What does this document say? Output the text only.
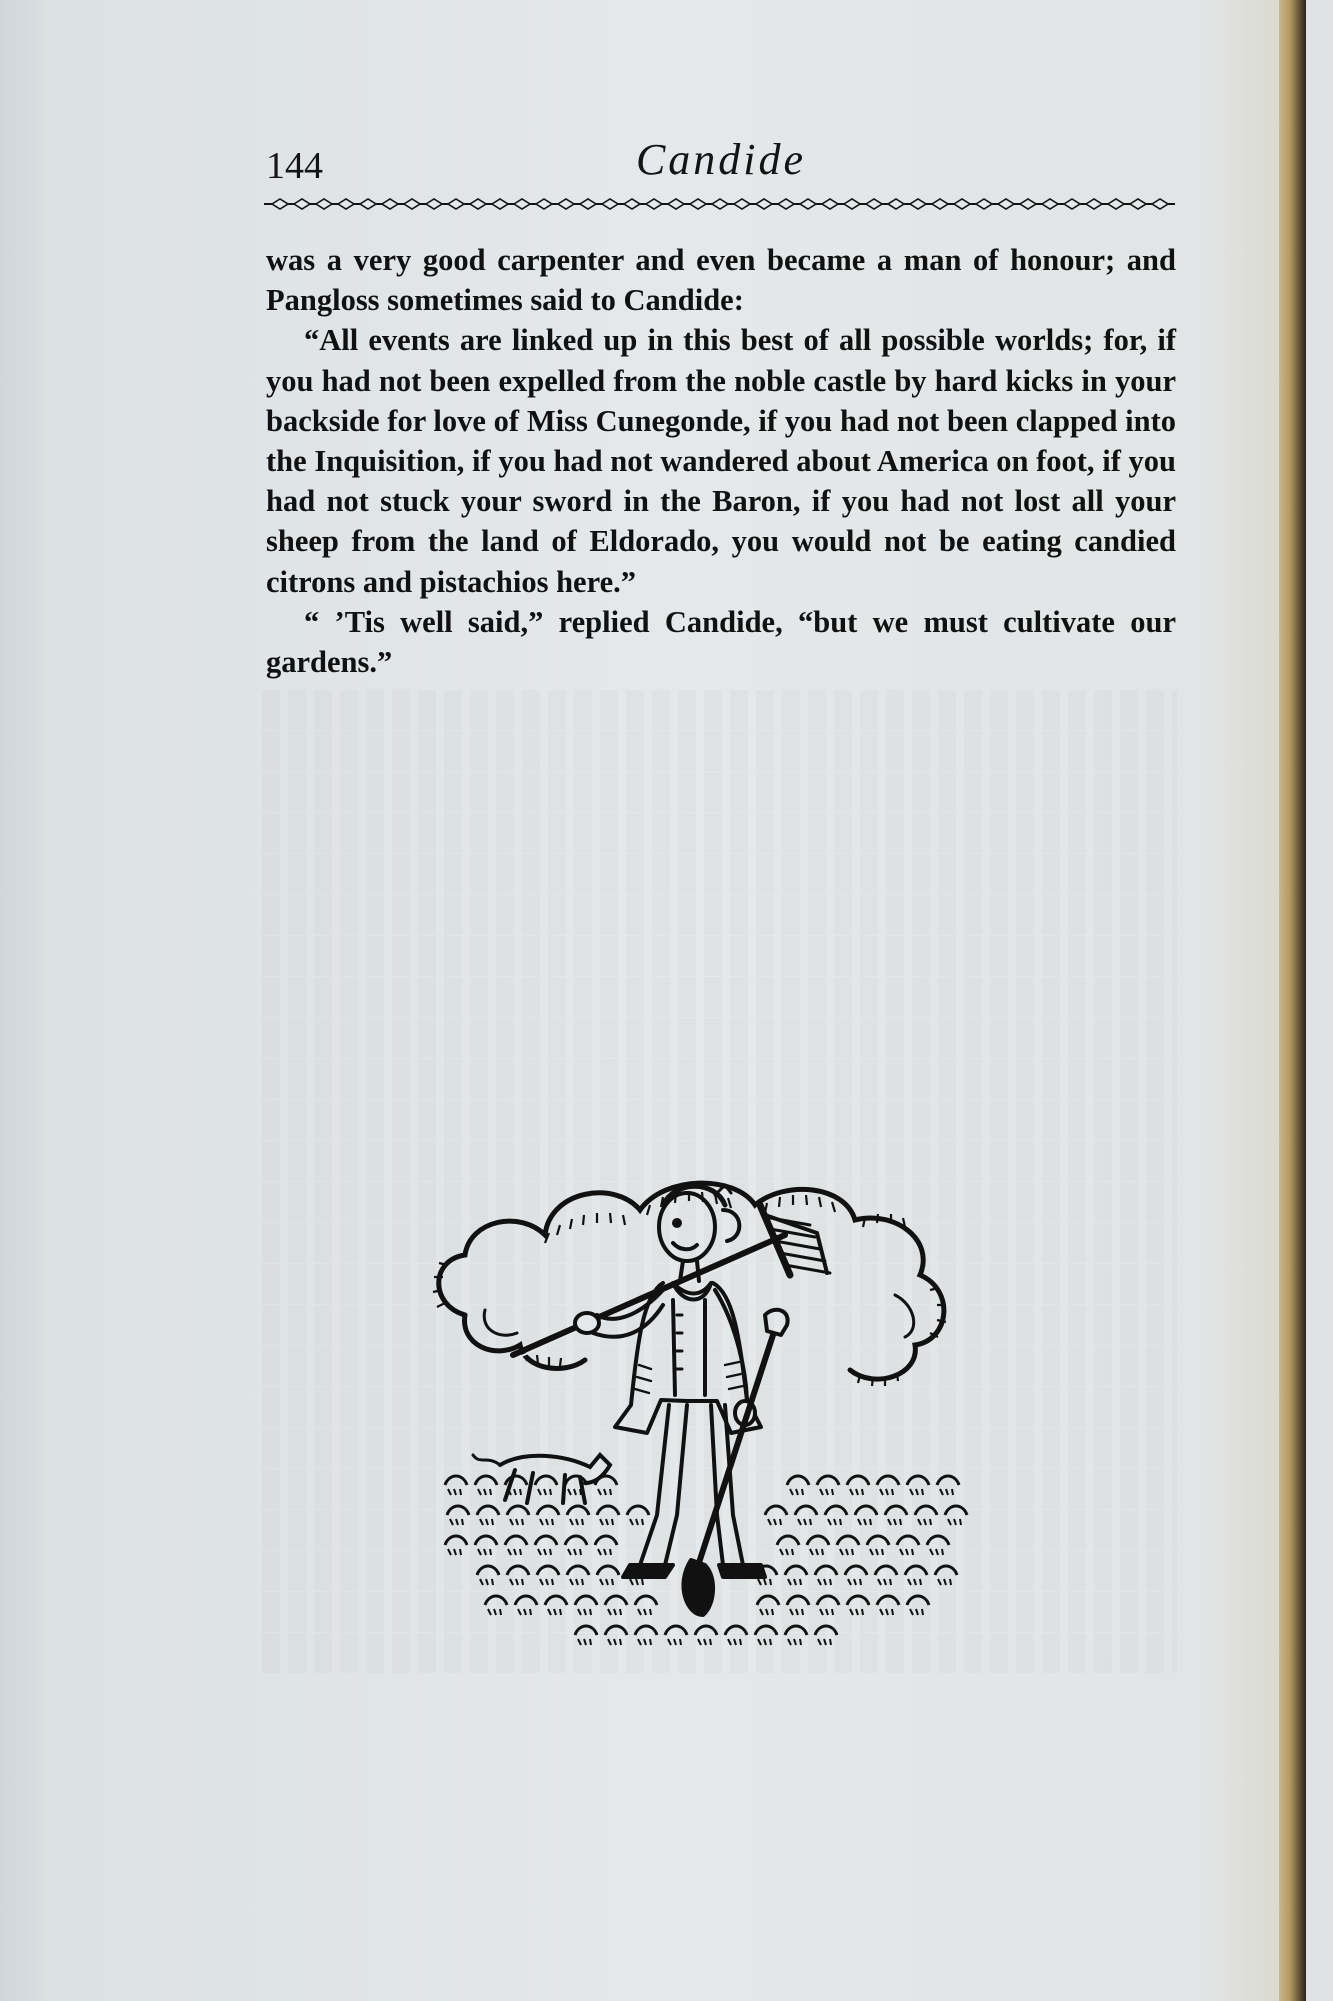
Candide
144

was a very good carpenter and even became a man of honour; and Pangloss sometimes said to Candide:

“All events are linked up in this best of all possible worlds; for, if you had not been expelled from the noble castle by hard kicks in your backside for love of Miss Cunegonde, if you had not been clapped into the Inquisition, if you had not wandered about America on foot, if you had not stuck your sword in the Baron, if you had not lost all your sheep from the land of Eldorado, you would not be eating candied citrons and pistachios here.”

“ ’Tis well said,” replied Candide, “but we must cultivate our gardens.”
